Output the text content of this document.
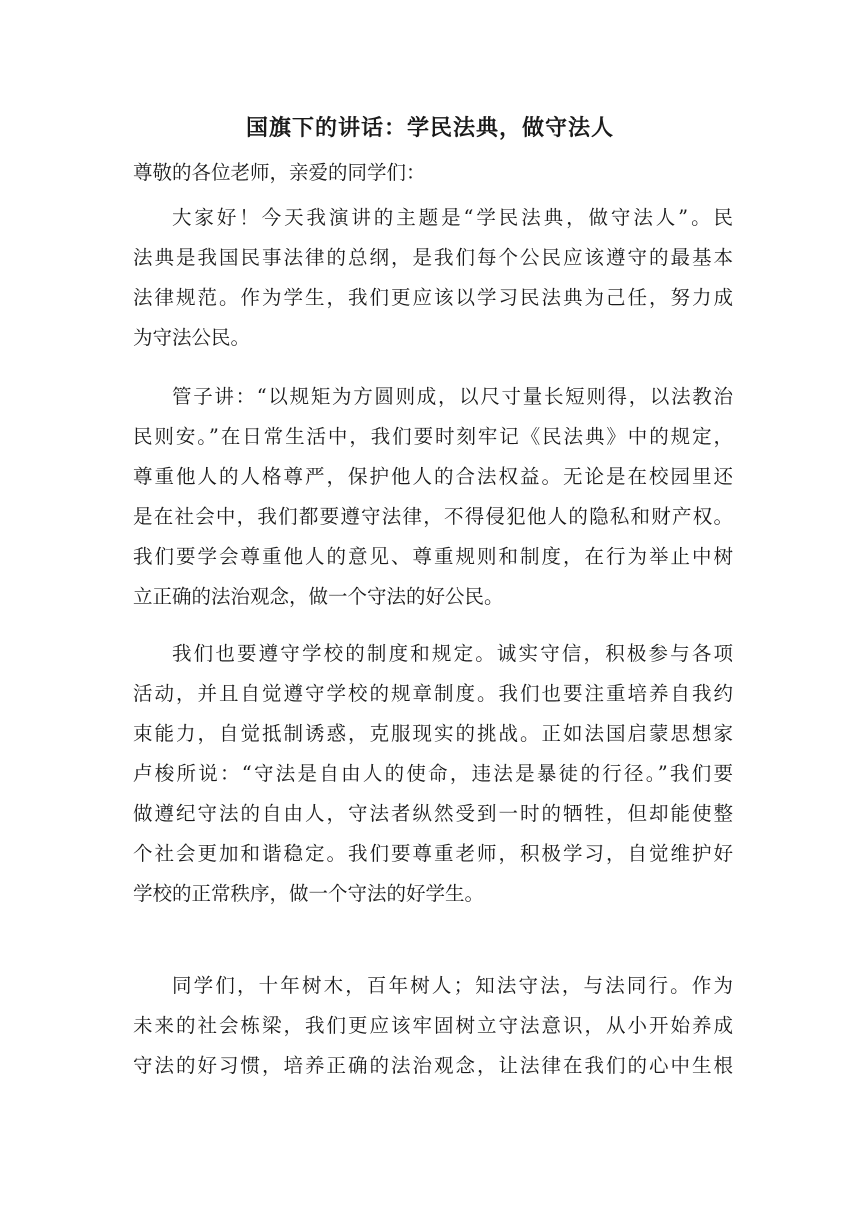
国旗下的讲话：学民法典，做守法人
尊敬的各位老师，亲爱的同学们：
大家好！今天我演讲的主题是“学民法典，做守法人”。民
法典是我国民事法律的总纲，是我们每个公民应该遵守的最基本
法律规范。作为学生，我们更应该以学习民法典为己任，努力成
为守法公民。
管子讲：“以规矩为方圆则成，以尺寸量长短则得，以法教治
民则安。”在日常生活中，我们要时刻牢记《民法典》中的规定，
尊重他人的人格尊严，保护他人的合法权益。无论是在校园里还
是在社会中，我们都要遵守法律，不得侵犯他人的隐私和财产权。
我们要学会尊重他人的意见、尊重规则和制度，在行为举止中树
立正确的法治观念，做一个守法的好公民。
我们也要遵守学校的制度和规定。诚实守信，积极参与各项
活动，并且自觉遵守学校的规章制度。我们也要注重培养自我约
束能力，自觉抵制诱惑，克服现实的挑战。正如法国启蒙思想家
卢梭所说：“守法是自由人的使命，违法是暴徒的行径。”我们要
做遵纪守法的自由人，守法者纵然受到一时的牺牲，但却能使整
个社会更加和谐稳定。我们要尊重老师，积极学习，自觉维护好
学校的正常秩序，做一个守法的好学生。
同学们，十年树木，百年树人；知法守法，与法同行。作为
未来的社会栋梁，我们更应该牢固树立守法意识，从小开始养成
守法的好习惯，培养正确的法治观念，让法律在我们的心中生根
